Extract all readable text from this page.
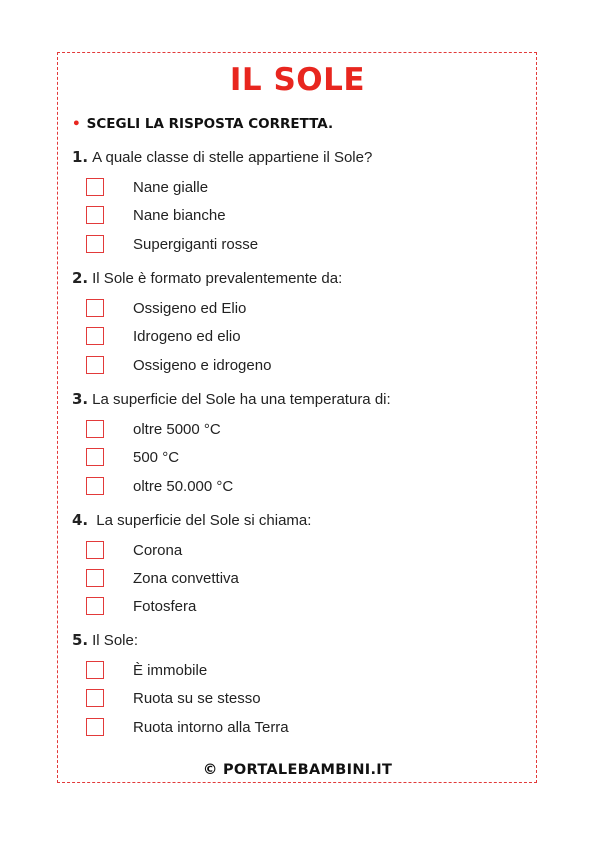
IL SOLE
• SCEGLI LA RISPOSTA CORRETTA.
1. A quale classe di stelle appartiene il Sole?
Nane gialle
Nane bianche
Supergiganti rosse
2. Il Sole è formato prevalentemente da:
Ossigeno ed Elio
Idrogeno ed elio
Ossigeno e idrogeno
3. La superficie del Sole ha una temperatura di:
oltre 5000 °C
500 °C
oltre 50.000 °C
4. La superficie del Sole si chiama:
Corona
Zona convettiva
Fotosfera
5. Il Sole:
È immobile
Ruota su se stesso
Ruota intorno alla Terra
© PORTALEBAMBINI.IT
